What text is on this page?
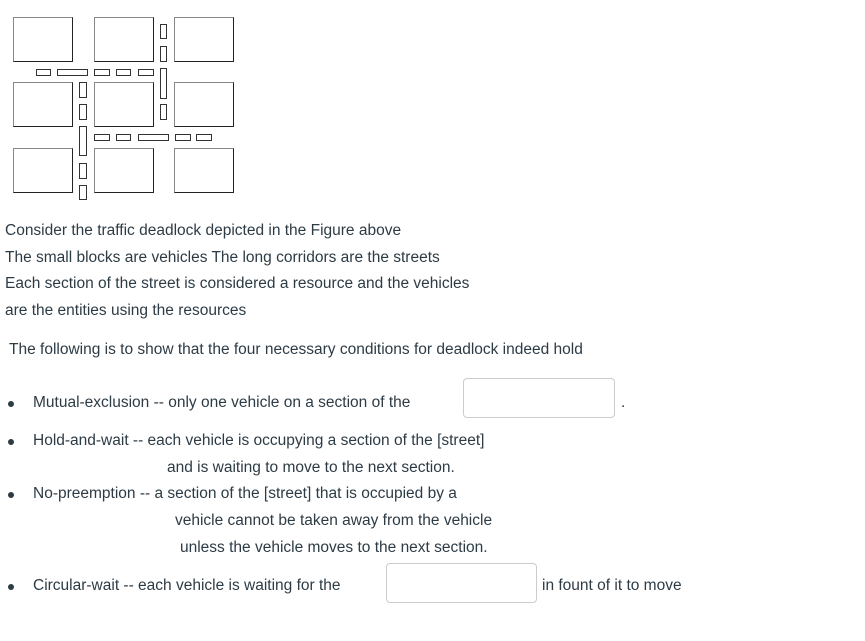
Consider the traffic deadlock depicted in the Figure above
The small blocks are vehicles The long corridors are the streets
Each section of the street is considered a resource and the vehicles
are the entities using the resources
The following is to show that the four necessary conditions for deadlock indeed hold
Mutual-exclusion -- only one vehicle on a section of the	.
Hold-and-wait -- each vehicle is occupying a section of the [street]
and is waiting to move to the next section.
No-preemption -- a section of the [street] that is occupied by a
vehicle cannot be taken away from the vehicle
unless the vehicle moves to the next section.
Circular-wait -- each vehicle is waiting for the	in fount of it to move
